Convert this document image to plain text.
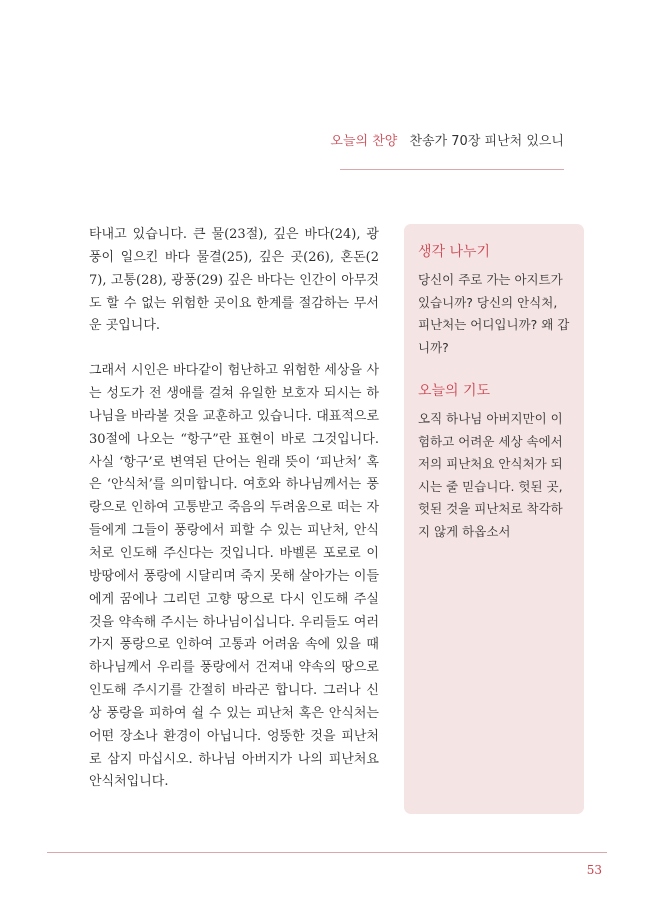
오늘의 찬양 찬송가 70장 피난처 있으니

타내고 있습니다. 큰 물(23절), 깊은 바다(24), 광풍이 일으킨 바다 물결(25), 깊은 곳(26), 혼돈(27), 고통(28), 광풍(29) 깊은 바다는 인간이 아무것도 할 수 없는 위험한 곳이요 한계를 절감하는 무서운 곳입니다.

그래서 시인은 바다같이 험난하고 위험한 세상을 사는 성도가 전 생애를 걸쳐 유일한 보호자 되시는 하나님을 바라볼 것을 교훈하고 있습니다. 대표적으로 30절에 나오는 “항구”란 표현이 바로 그것입니다. 사실 ‘항구’로 변역된 단어는 원래 뜻이 ‘피난처’ 혹은 ‘안식처’를 의미합니다. 여호와 하나님께서는 풍랑으로 인하여 고통받고 죽음의 두려움으로 떠는 자들에게 그들이 풍랑에서 피할 수 있는 피난처, 안식처로 인도해 주신다는 것입니다. 바벨론 포로로 이방땅에서 풍랑에 시달리며 죽지 못해 살아가는 이들에게 꿈에나 그리던 고향 땅으로 다시 인도해 주실 것을 약속해 주시는 하나님이십니다. 우리들도 여러가지 풍랑으로 인하여 고통과 어려움 속에 있을 때 하나님께서 우리를 풍랑에서 건져내 약속의 땅으로 인도해 주시기를 간절히 바라곤 합니다. 그러나 신상 풍랑을 피하여 쉴 수 있는 피난처 혹은 안식처는 어떤 장소나 환경이 아닙니다. 엉뚱한 것을 피난처로 삼지 마십시오. 하나님 아버지가 나의 피난처요 안식처입니다.

생각 나누기

당신이 주로 가는 아지트가 있습니까? 당신의 안식처, 피난처는 어디입니까? 왜 갑니까?

오늘의 기도

오직 하나님 아버지만이 이 험하고 어려운 세상 속에서 저의 피난처요 안식처가 되시는 줄 믿습니다. 헛된 곳, 헛된 것을 피난처로 착각하지 않게 하옵소서

53
